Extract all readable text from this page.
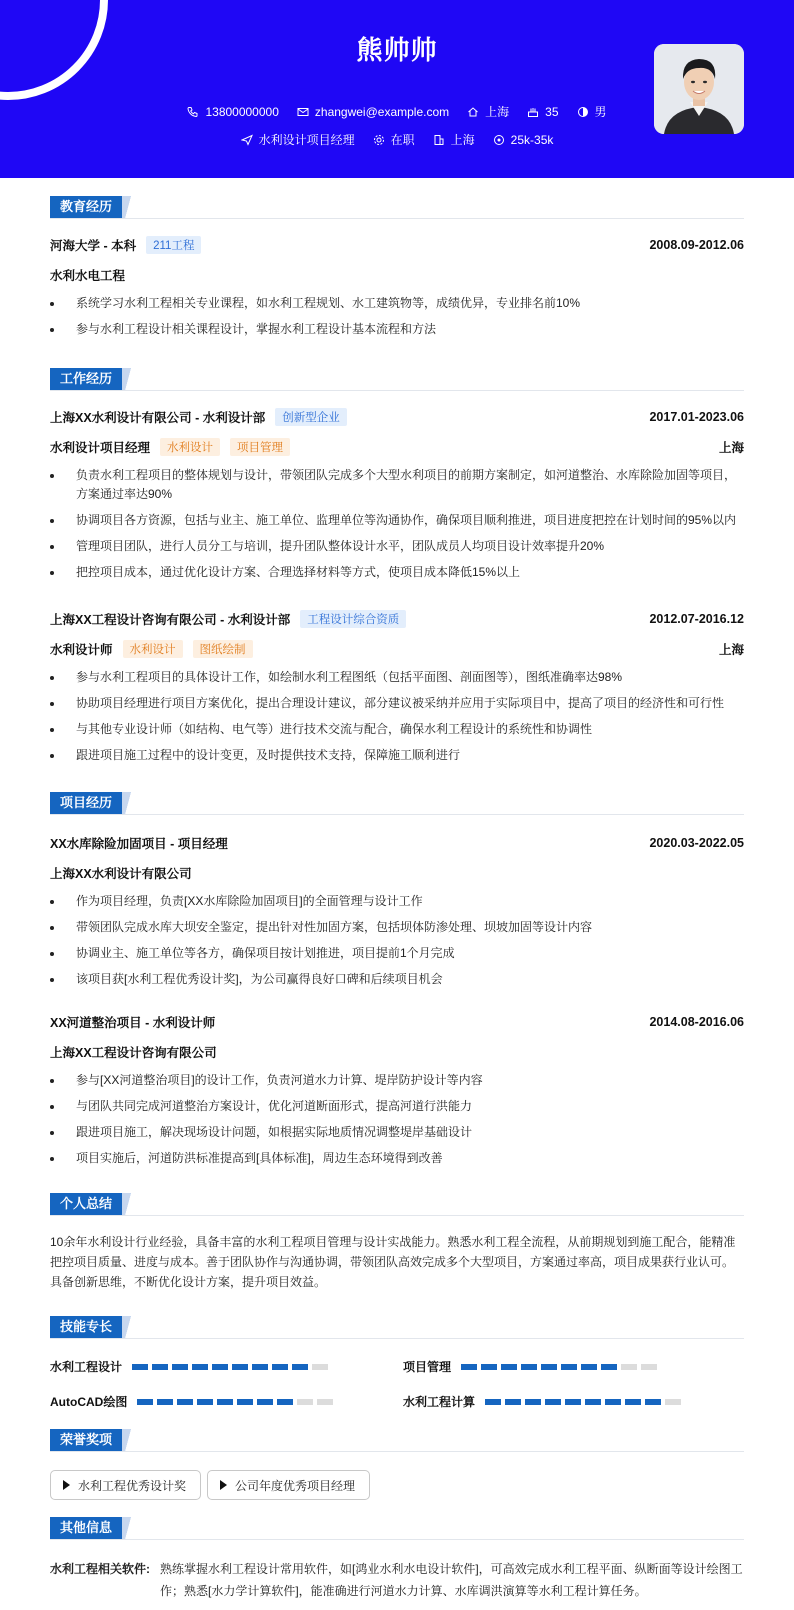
熊帅帅
13800000000	zhangwei@example.com	上海	35	男
水利设计项目经理	在职	上海	25k-35k
教育经历
河海大学 - 本科	211工程	2008.09-2012.06
水利水电工程
系统学习水利工程相关专业课程，如水利工程规划、水工建筑物等，成绩优异，专业排名前10%
参与水利工程设计相关课程设计，掌握水利工程设计基本流程和方法
工作经历
上海XX水利设计有限公司 - 水利设计部	创新型企业	2017.01-2023.06
水利设计项目经理	水利设计	项目管理	上海
负责水利工程项目的整体规划与设计，带领团队完成多个大型水利项目的前期方案制定，如河道整治、水库除险加固等项目，方案通过率达90%
协调项目各方资源，包括与业主、施工单位、监理单位等沟通协作，确保项目顺利推进，项目进度把控在计划时间的95%以内
管理项目团队，进行人员分工与培训，提升团队整体设计水平，团队成员人均项目设计效率提升20%
把控项目成本，通过优化设计方案、合理选择材料等方式，使项目成本降低15%以上
上海XX工程设计咨询有限公司 - 水利设计部	工程设计综合资质	2012.07-2016.12
水利设计师	水利设计	图纸绘制	上海
参与水利工程项目的具体设计工作，如绘制水利工程图纸（包括平面图、剖面图等），图纸准确率达98%
协助项目经理进行项目方案优化，提出合理设计建议，部分建议被采纳并应用于实际项目中，提高了项目的经济性和可行性
与其他专业设计师（如结构、电气等）进行技术交流与配合，确保水利工程设计的系统性和协调性
跟进项目施工过程中的设计变更，及时提供技术支持，保障施工顺利进行
项目经历
XX水库除险加固项目 - 项目经理	2020.03-2022.05
上海XX水利设计有限公司
作为项目经理，负责[XX水库除险加固项目]的全面管理与设计工作
带领团队完成水库大坝安全鉴定，提出针对性加固方案，包括坝体防渗处理、坝坡加固等设计内容
协调业主、施工单位等各方，确保项目按计划推进，项目提前1个月完成
该项目获[水利工程优秀设计奖]，为公司赢得良好口碑和后续项目机会
XX河道整治项目 - 水利设计师	2014.08-2016.06
上海XX工程设计咨询有限公司
参与[XX河道整治项目]的设计工作，负责河道水力计算、堤岸防护设计等内容
与团队共同完成河道整治方案设计，优化河道断面形式，提高河道行洪能力
跟进项目施工，解决现场设计问题，如根据实际地质情况调整堤岸基础设计
项目实施后，河道防洪标准提高到[具体标准]，周边生态环境得到改善
个人总结
10余年水利设计行业经验，具备丰富的水利工程项目管理与设计实战能力。熟悉水利工程全流程，从前期规划到施工配合，能精准把控项目质量、进度与成本。善于团队协作与沟通协调，带领团队高效完成多个大型项目，方案通过率高，项目成果获行业认可。具备创新思维，不断优化设计方案，提升项目效益。
技能专长
水利工程设计	项目管理
AutoCAD绘图	水利工程计算
荣誉奖项
水利工程优秀设计奖	公司年度优秀项目经理
其他信息
水利工程相关软件: 熟练掌握水利工程设计常用软件，如[鸿业水利水电设计软件]，可高效完成水利工程平面、纵断面等设计绘图工作；熟悉[水力学计算软件]，能准确进行河道水力计算、水库调洪演算等水利工程计算任务。
